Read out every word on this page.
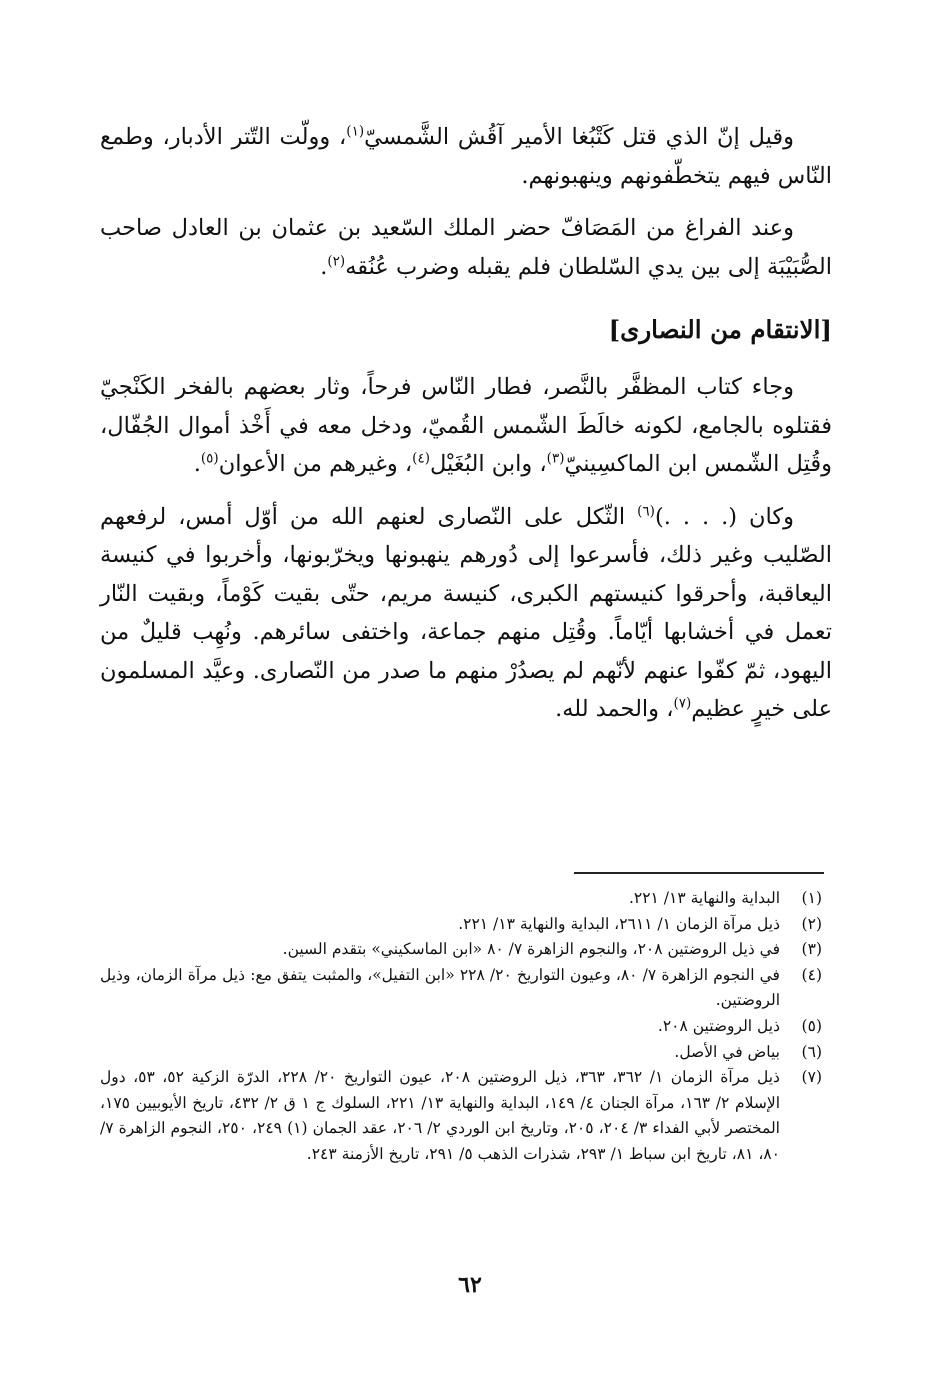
وقيل إنّ الذي قتل كَتْبُغا الأمير آقُش الشَّمسيّ$^{(١)}$، وولّت التّتر الأدبار، وطمع النّاس فيهم يتخطّفونهم وينهبونهم.

وعند الفراغ من المَصَافّ حضر الملك السّعيد بن عثمان بن العادل صاحب الصُّبَيْبَة إلى بين يدي السّلطان فلم يقبله وضرب عُنُقه$^{(٢)}$.

[الانتقام من النصارى]

وجاء كتاب المظفَّر بالنَّصر، فطار النّاس فرحاً، وثار بعضهم بالفخر الكَنْجيّ فقتلوه بالجامع، لكونه خالَطَ الشّمس القُميّ، ودخل معه في أَخْذ أموال الجُفّال، وقُتِل الشّمس ابن الماكسِينيّ$^{(٣)}$، وابن البُغَيْل$^{(٤)}$، وغيرهم من الأعوان$^{(٥)}$.

وكان (. . . .)$^{(٦)}$ الثّكل على النّصارى لعنهم الله من أوّل أمس، لرفعهم الصّليب وغير ذلك، فأسرعوا إلى دُورهم ينهبونها ويخرّبونها، وأخربوا في كنيسة اليعاقبة، وأحرقوا كنيستهم الكبرى، كنيسة مريم، حتّى بقيت كَوْماً، وبقيت النّار تعمل في أخشابها أيّاماً. وقُتِل منهم جماعة، واختفى سائرهم. ونُهِب قليلٌ من اليهود، ثمّ كفّوا عنهم لأنّهم لم يصدُرْ منهم ما صدر من النّصارى. وعيَّد المسلمون على خيرٍ عظيم$^{(٧)}$، والحمد لله.

(١)
البداية والنهاية ١٣/ ٢٢١.
(٢)
ذيل مرآة الزمان ١/ ٢٦١١، البداية والنهاية ١٣/ ٢٢١.
(٣)
في ذيل الروضتين ٢٠٨، والنجوم الزاهرة ٧/ ٨٠ «ابن الماسكيني» بتقدم السين.
(٤)
في النجوم الزاهرة ٧/ ٨٠، وعيون التواريخ ٢٠/ ٢٢٨ «ابن التفيل»، والمثبت يتفق مع: ذيل مرآة الزمان، وذيل الروضتين.
(٥)
ذيل الروضتين ٢٠٨.
(٦)
بياض في الأصل.
(٧)
ذيل مرآة الزمان ١/ ٣٦٢، ٣٦٣، ذيل الروضتين ٢٠٨، عيون التواريخ ٢٠/ ٢٢٨، الدرّة الزكية ٥٢، ٥٣، دول الإسلام ٢/ ١٦٣، مرآة الجنان ٤/ ١٤٩، البداية والنهاية ١٣/ ٢٢١، السلوك ج ١ ق ٢/ ٤٣٢، تاريخ الأيوبيين ١٧٥، المختصر لأبي الفداء ٣/ ٢٠٤، ٢٠٥، وتاريخ ابن الوردي ٢/ ٢٠٦، عقد الجمان (١) ٢٤٩، ٢٥٠، النجوم الزاهرة ٧/ ٨٠، ٨١، تاريخ ابن سباط ١/ ٢٩٣، شذرات الذهب ٥/ ٢٩١، تاريخ الأزمنة ٢٤٣.
٦٢
